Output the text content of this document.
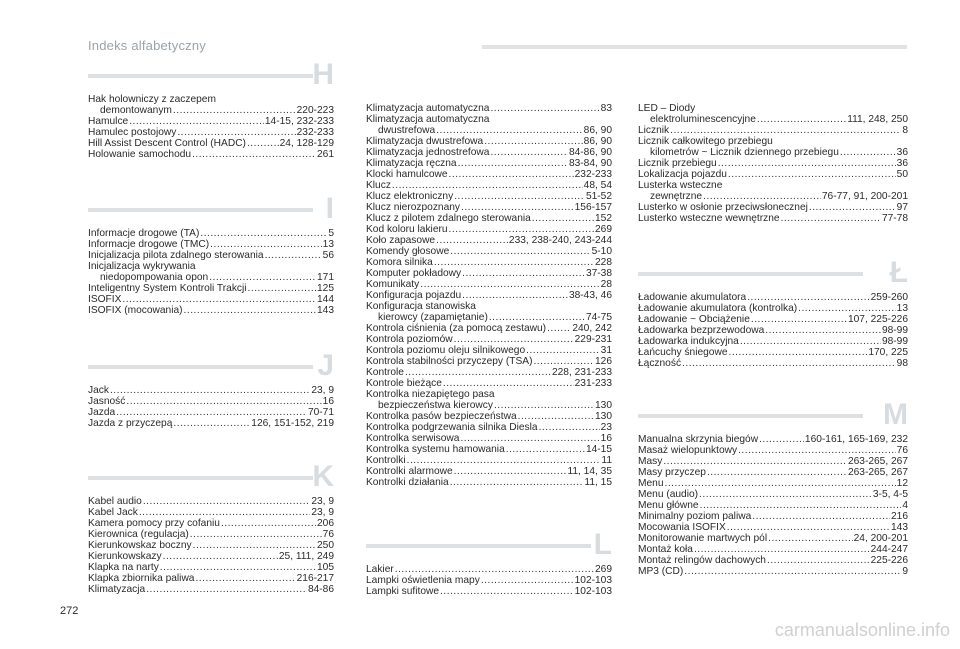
Indeks alfabetyczny
H
Hak holowniczy z zaczepem
demontowanym .....	220-223
Hamulce .....	14-15, 232-233
Hamulec postojowy .....	232-233
Hill Assist Descent Control (HADC) .....	24, 128-129
Holowanie samochodu .....	261
I
Informacje drogowe (TA) .....	5
Informacje drogowe (TMC) .....	13
Inicjalizacja pilota zdalnego sterowania .....	56
Inicjalizacja wykrywania
niedopompowania opon .....	171
Inteligentny System Kontroli Trakcji .....	125
ISOFIX .....	144
ISOFIX (mocowania) .....	143
J
Jack .....	23, 9
Jasność .....	16
Jazda .....	70-71
Jazda z przyczepą .....	126, 151-152, 219
K
Kabel audio .....	23, 9
Kabel Jack .....	23, 9
Kamera pomocy przy cofaniu .....	206
Kierownica (regulacja) .....	76
Kierunkowskaz boczny .....	250
Kierunkowskazy .....	25, 111, 249
Klapka na narty .....	105
Klapka zbiornika paliwa .....	216-217
Klimatyzacja .....	84-86
Klimatyzacja automatyczna .....	83
Klimatyzacja automatyczna
dwustrefowa .....	86, 90
Klimatyzacja dwustrefowa .....	86, 90
Klimatyzacja jednostrefowa .....	84-86, 90
Klimatyzacja ręczna .....	83-84, 90
Klocki hamulcowe .....	232-233
Klucz .....	48, 54
Klucz elektroniczny .....	51-52
Klucz nierozpoznany .....	156-157
Klucz z pilotem zdalnego sterowania .....	152
Kod koloru lakieru .....	269
Koło zapasowe .....	233, 238-240, 243-244
Komendy głosowe .....	5-10
Komora silnika .....	228
Komputer pokładowy .....	37-38
Komunikaty .....	28
Konfiguracja pojazdu .....	38-43, 46
Konfiguracja stanowiska
kierowcy (zapamiętanie) .....	74-75
Kontrola ciśnienia (za pomocą zestawu) .....	240, 242
Kontrola poziomów .....	229-231
Kontrola poziomu oleju silnikowego .....	31
Kontrola stabilności przyczepy (TSA) .....	126
Kontrole .....	228, 231-233
Kontrole bieżące .....	231-233
Kontrolka niezapiętego pasa
bezpieczeństwa kierowcy .....	130
Kontrolka pasów bezpieczeństwa .....	130
Kontrolka podgrzewania silnika Diesla .....	23
Kontrolka serwisowa .....	16
Kontrolka systemu hamowania .....	14-15
Kontrolki .....	11
Kontrolki alarmowe .....	11, 14, 35
Kontrolki działania .....	11, 15
L
Lakier .....	269
Lampki oświetlenia mapy .....	102-103
Lampki sufitowe .....	102-103
LED – Diody
elektroluminescencyjne .....	111, 248, 250
Licznik .....	8
Licznik całkowitego przebiegu
kilometrów ~ Licznik dziennego przebiegu .....	36
Licznik przebiegu .....	36
Lokalizacja pojazdu .....	50
Lusterka wsteczne
zewnętrzne .....	76-77, 91, 200-201
Lusterko w osłonie przeciwsłonecznej .....	97
Lusterko wsteczne wewnętrzne .....	77-78
Ł
Ładowanie akumulatora .....	259-260
Ładowanie akumulatora (kontrolka) .....	13
Ładowanie ~ Obciążenie .....	107, 225-226
Ładowarka bezprzewodowa .....	98-99
Ładowarka indukcyjna .....	98-99
Łańcuchy śniegowe .....	170, 225
Łączność .....	98
M
Manualna skrzynia biegów .....	160-161, 165-169, 232
Masaż wielopunktowy .....	76
Masy .....	263-265, 267
Masy przyczep .....	263-265, 267
Menu .....	12
Menu (audio) .....	3-5, 4-5
Menu główne .....	4
Minimalny poziom paliwa .....	216
Mocowania ISOFIX .....	143
Monitorowanie martwych pól .....	24, 200-201
Montaż koła .....	244-247
Montaż relingów dachowych .....	225-226
MP3 (CD) .....	9
272
carmanualsonline.info
